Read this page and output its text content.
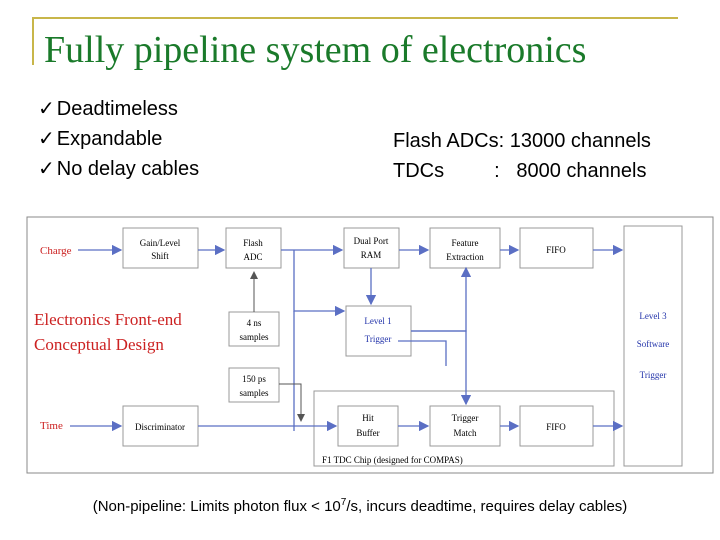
Fully pipeline system of electronics
✓ Deadtimeless
✓ Expandable
✓ No delay cables
Flash ADCs: 13000 channels
TDCs         :   8000 channels
Charge
Time
Electronics Front-end
Conceptual Design
Gain/Level
Shift
Flash
ADC
Dual Port
RAM
Feature
Extraction
FIFO
4 ns
samples
Level 1
Trigger
150 ps
samples
Discriminator
F1 TDC Chip (designed for COMPAS)
Hit
Buffer
Trigger
Match
FIFO
Level 3
Software
Trigger
(Non-pipeline: Limits photon flux < $10^7/s$, incurs deadtime, requires delay cables)
